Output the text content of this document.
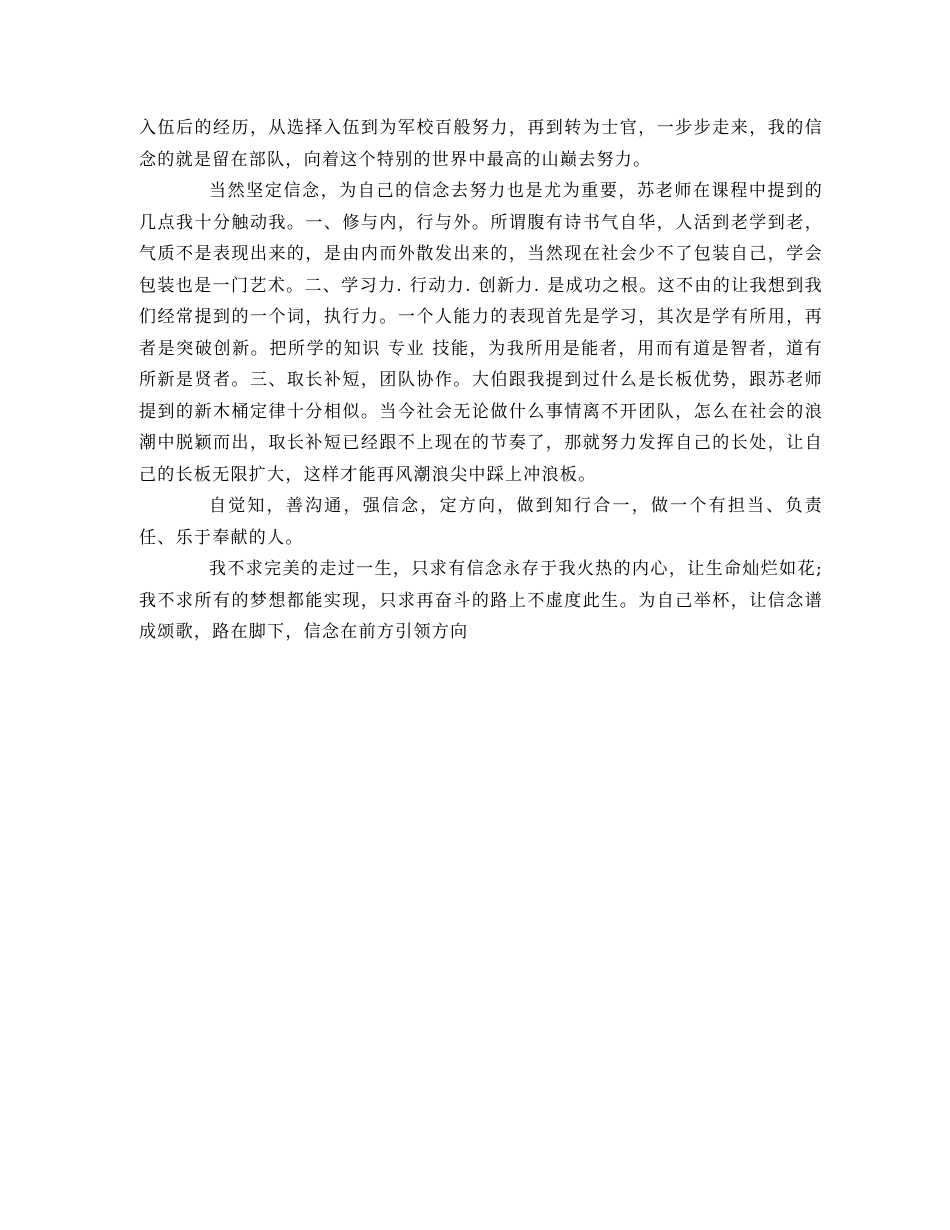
入伍后的经历，从选择入伍到为军校百般努力，再到转为士官，一步步走来，我的信念的就是留在部队，向着这个特别的世界中最高的山巅去努力。

当然坚定信念，为自己的信念去努力也是尤为重要，苏老师在课程中提到的几点我十分触动我。一、修与内，行与外。所谓腹有诗书气自华，人活到老学到老，气质不是表现出来的，是由内而外散发出来的，当然现在社会少不了包装自己，学会包装也是一门艺术。二、学习力. 行动力. 创新力. 是成功之根。这不由的让我想到我们经常提到的一个词，执行力。一个人能力的表现首先是学习，其次是学有所用，再者是突破创新。把所学的知识 专业 技能，为我所用是能者，用而有道是智者，道有所新是贤者。三、取长补短，团队协作。大伯跟我提到过什么是长板优势，跟苏老师提到的新木桶定律十分相似。当今社会无论做什么事情离不开团队，怎么在社会的浪潮中脱颖而出，取长补短已经跟不上现在的节奏了，那就努力发挥自己的长处，让自己的长板无限扩大，这样才能再风潮浪尖中踩上冲浪板。

自觉知，善沟通，强信念，定方向，做到知行合一，做一个有担当、负责任、乐于奉献的人。

我不求完美的走过一生，只求有信念永存于我火热的内心，让生命灿烂如花;我不求所有的梦想都能实现，只求再奋斗的路上不虚度此生。为自己举杯，让信念谱成颂歌，路在脚下，信念在前方引领方向
